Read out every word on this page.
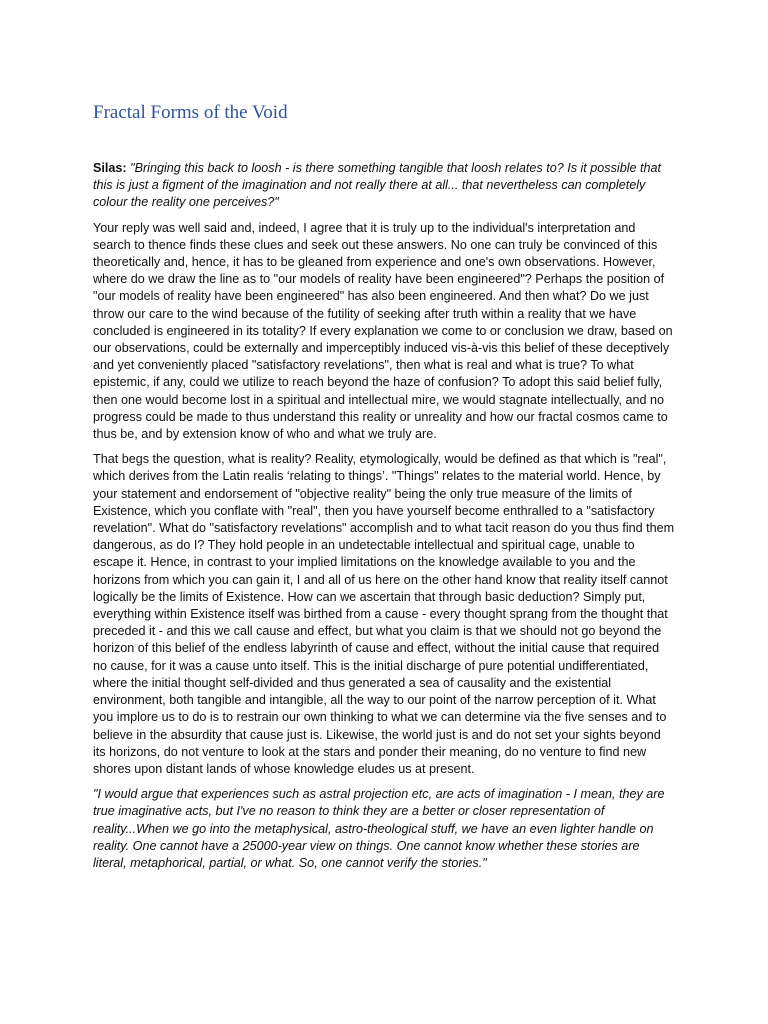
Fractal Forms of the Void

Silas: "Bringing this back to loosh - is there something tangible that loosh relates to? Is it possible that this is just a figment of the imagination and not really there at all... that nevertheless can completely colour the reality one perceives?"

Your reply was well said and, indeed, I agree that it is truly up to the individual's interpretation and search to thence finds these clues and seek out these answers. No one can truly be convinced of this theoretically and, hence, it has to be gleaned from experience and one's own observations. However, where do we draw the line as to "our models of reality have been engineered"? Perhaps the position of "our models of reality have been engineered" has also been engineered. And then what? Do we just throw our care to the wind because of the futility of seeking after truth within a reality that we have concluded is engineered in its totality? If every explanation we come to or conclusion we draw, based on our observations, could be externally and imperceptibly induced vis-à-vis this belief of these deceptively and yet conveniently placed "satisfactory revelations", then what is real and what is true? To what epistemic, if any, could we utilize to reach beyond the haze of confusion? To adopt this said belief fully, then one would become lost in a spiritual and intellectual mire, we would stagnate intellectually, and no progress could be made to thus understand this reality or unreality and how our fractal cosmos came to thus be, and by extension know of who and what we truly are.

That begs the question, what is reality? Reality, etymologically, would be defined as that which is "real", which derives from the Latin realis ‘relating to things’. "Things" relates to the material world. Hence, by your statement and endorsement of "objective reality" being the only true measure of the limits of Existence, which you conflate with "real", then you have yourself become enthralled to a "satisfactory revelation". What do "satisfactory revelations" accomplish and to what tacit reason do you thus find them dangerous, as do I? They hold people in an undetectable intellectual and spiritual cage, unable to escape it. Hence, in contrast to your implied limitations on the knowledge available to you and the horizons from which you can gain it, I and all of us here on the other hand know that reality itself cannot logically be the limits of Existence. How can we ascertain that through basic deduction? Simply put, everything within Existence itself was birthed from a cause - every thought sprang from the thought that preceded it - and this we call cause and effect, but what you claim is that we should not go beyond the horizon of this belief of the endless labyrinth of cause and effect, without the initial cause that required no cause, for it was a cause unto itself. This is the initial discharge of pure potential undifferentiated, where the initial thought self-divided and thus generated a sea of causality and the existential environment, both tangible and intangible, all the way to our point of the narrow perception of it. What you implore us to do is to restrain our own thinking to what we can determine via the five senses and to believe in the absurdity that cause just is. Likewise, the world just is and do not set your sights beyond its horizons, do not venture to look at the stars and ponder their meaning, do no venture to find new shores upon distant lands of whose knowledge eludes us at present.

"I would argue that experiences such as astral projection etc, are acts of imagination - I mean, they are true imaginative acts, but I've no reason to think they are a better or closer representation of reality...When we go into the metaphysical, astro-theological stuff, we have an even lighter handle on reality. One cannot have a 25000-year view on things. One cannot know whether these stories are literal, metaphorical, partial, or what. So, one cannot verify the stories."
